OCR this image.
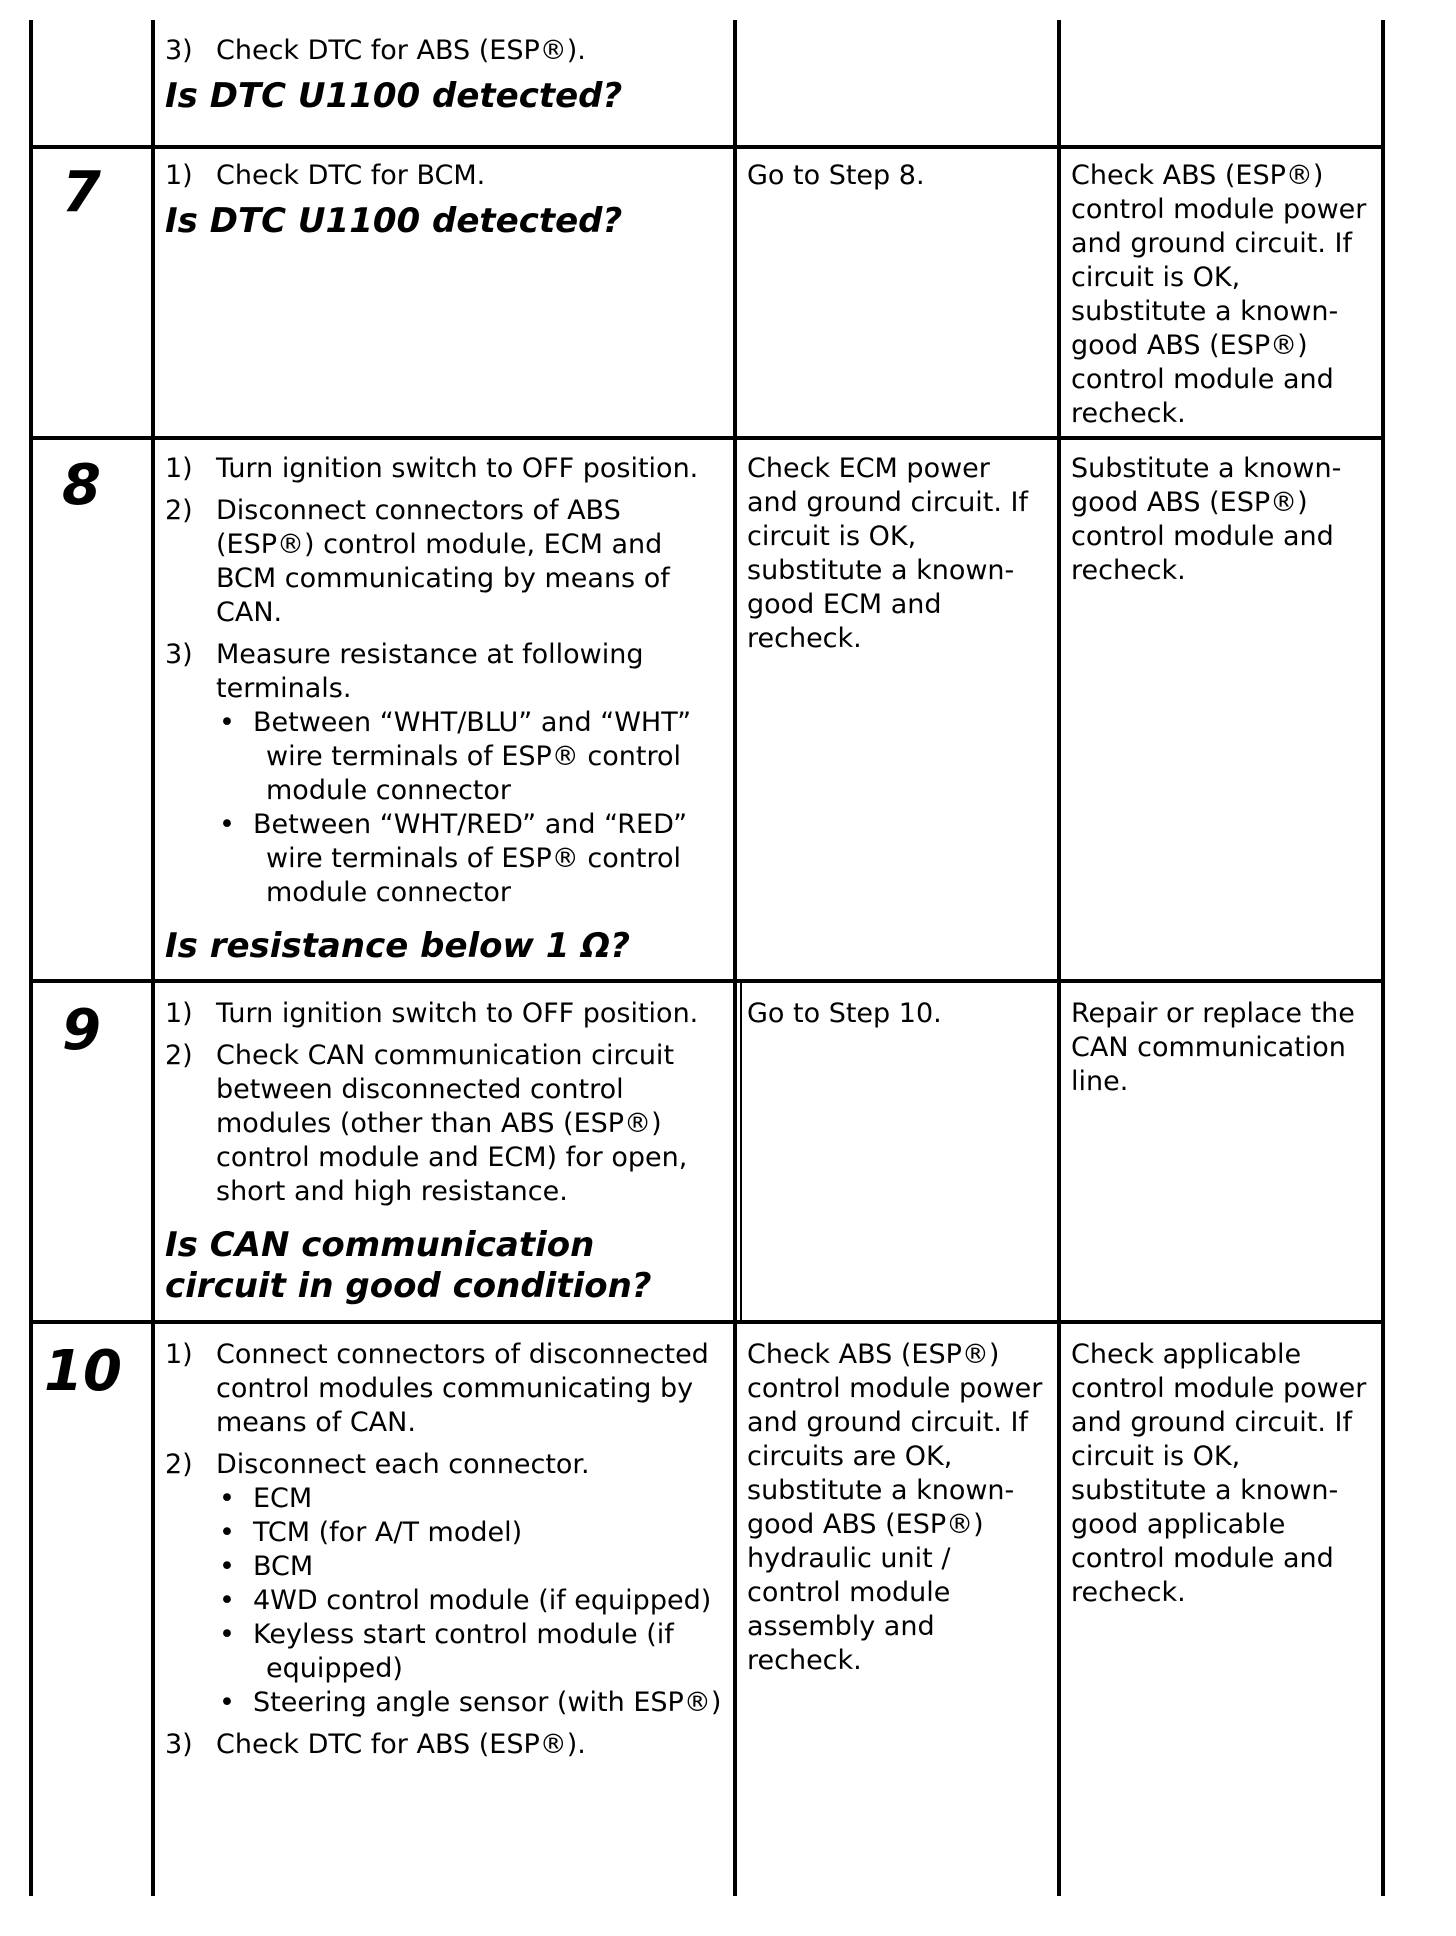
3) Check DTC for ABS (ESP®).
Is DTC U1100 detected?
7 1) Check DTC for BCM.
Is DTC U1100 detected?
Go to Step 8.	Check ABS (ESP®) control module power and ground circuit. If circuit is OK, substitute a known-good ABS (ESP®) control module and recheck.
8 1) Turn ignition switch to OFF position.
2) Disconnect connectors of ABS (ESP®) control module, ECM and BCM communicating by means of CAN.
3) Measure resistance at following terminals.
• Between “WHT/BLU” and “WHT” wire terminals of ESP® control module connector
• Between “WHT/RED” and “RED” wire terminals of ESP® control module connector
Is resistance below 1 Ω?
Check ECM power and ground circuit. If circuit is OK, substitute a known-good ECM and recheck.
Substitute a known-good ABS (ESP®) control module and recheck.
9 1) Turn ignition switch to OFF position.
2) Check CAN communication circuit between disconnected control modules (other than ABS (ESP®) control module and ECM) for open, short and high resistance.
Is CAN communication circuit in good condition?
Go to Step 10.	Repair or replace the CAN communication line.
10 1) Connect connectors of disconnected control modules communicating by means of CAN.
2) Disconnect each connector.
• ECM
• TCM (for A/T model)
• BCM
• 4WD control module (if equipped)
• Keyless start control module (if equipped)
• Steering angle sensor (with ESP®)
3) Check DTC for ABS (ESP®).
Check ABS (ESP®) control module power and ground circuit. If circuits are OK, substitute a known-good ABS (ESP®) hydraulic unit / control module assembly and recheck.
Check applicable control module power and ground circuit. If circuit is OK, substitute a known-good applicable control module and recheck.
